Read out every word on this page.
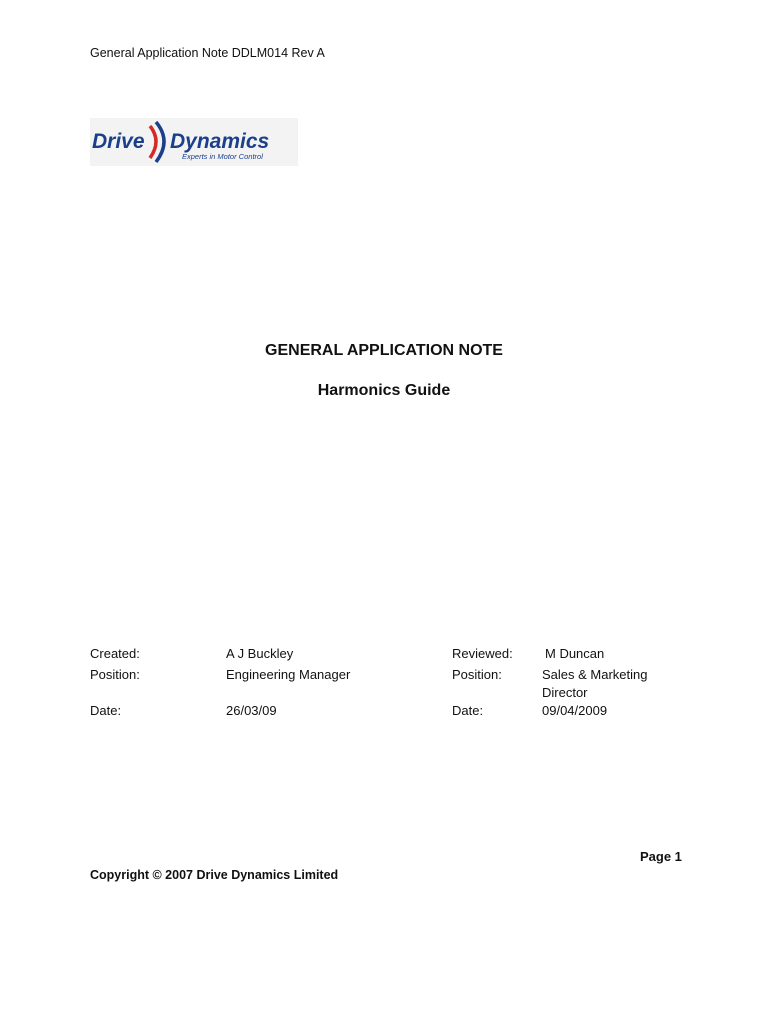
General Application Note DDLM014 Rev A
Drive Dynamics
Experts in Motor Control
GENERAL APPLICATION NOTE
Harmonics Guide
Created:	A J Buckley	Reviewed: M Duncan
Position:	Engineering Manager	Position:	Sales & Marketing
Director
Date:	26/03/09	Date:	09/04/2009
Page 1
Copyright © 2007 Drive Dynamics Limited
